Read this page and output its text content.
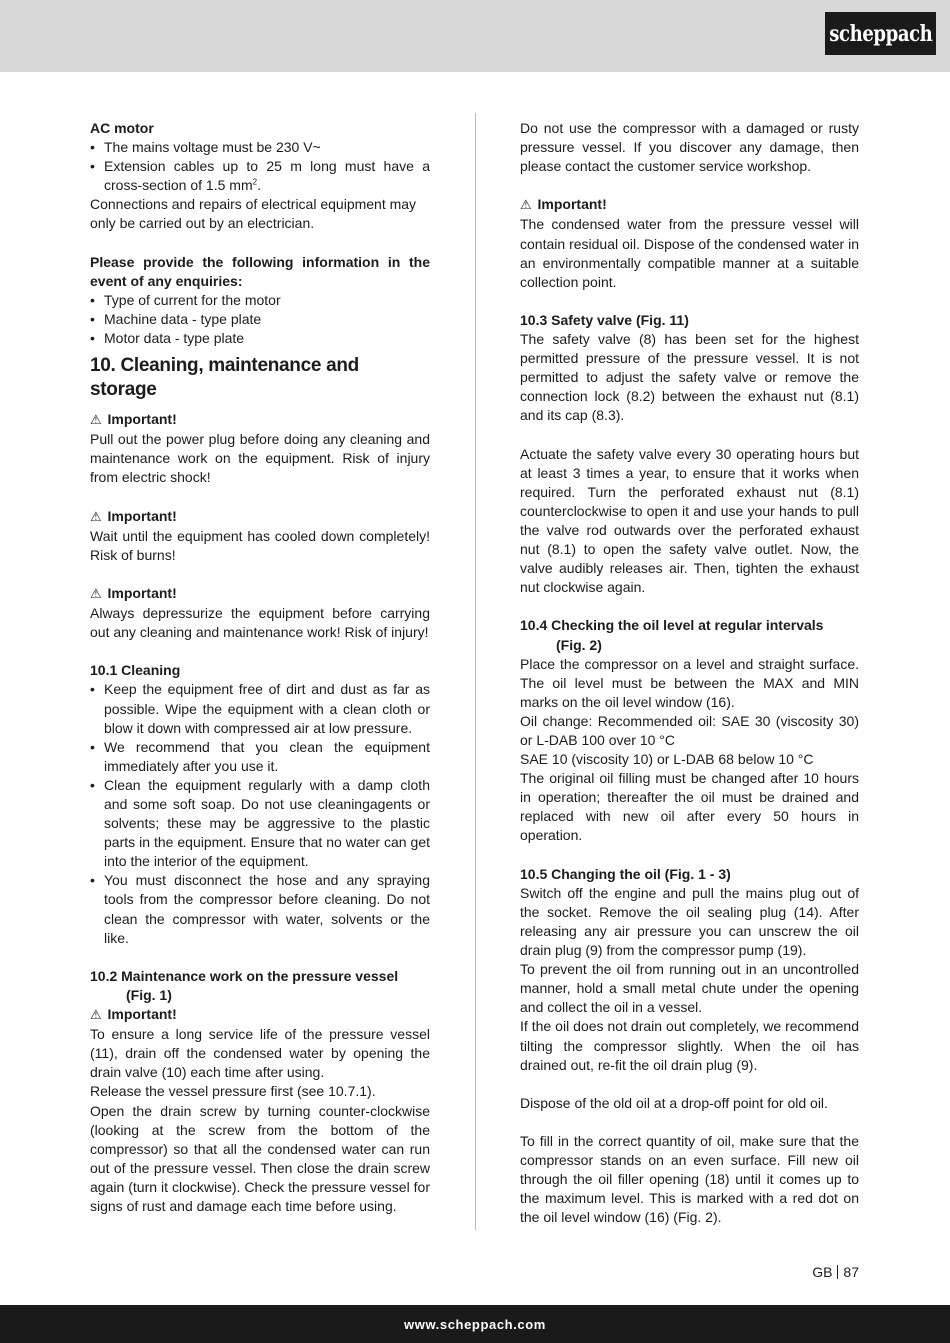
scheppach
AC motor
• The mains voltage must be 230 V~
• Extension cables up to 25 m long must have a cross-section of 1.5 $mm^2$.
Connections and repairs of electrical equipment may only be carried out by an electrician.
Please provide the following information in the event of any enquiries:
• Type of current for the motor
• Machine data - type plate
• Motor data - type plate
10. Cleaning, maintenance and storage
⚠ Important!
Pull out the power plug before doing any cleaning and maintenance work on the equipment. Risk of injury from electric shock!
⚠ Important!
Wait until the equipment has cooled down completely! Risk of burns!
⚠ Important!
Always depressurize the equipment before carrying out any cleaning and maintenance work! Risk of injury!
10.1 Cleaning
• Keep the equipment free of dirt and dust as far as possible. Wipe the equipment with a clean cloth or blow it down with compressed air at low pressure.
• We recommend that you clean the equipment immediately after you use it.
• Clean the equipment regularly with a damp cloth and some soft soap. Do not use cleaningagents or solvents; these may be aggressive to the plastic parts in the equipment. Ensure that no water can get into the interior of the equipment.
• You must disconnect the hose and any spraying tools from the compressor before cleaning. Do not clean the compressor with water, solvents or the like.
10.2 Maintenance work on the pressure vessel
(Fig. 1)
⚠ Important!
To ensure a long service life of the pressure vessel (11), drain off the condensed water by opening the drain valve (10) each time after using.
Release the vessel pressure first (see 10.7.1).
Open the drain screw by turning counter-clockwise (looking at the screw from the bottom of the compressor) so that all the condensed water can run out of the pressure vessel. Then close the drain screw again (turn it clockwise). Check the pressure vessel for signs of rust and damage each time before using.
Do not use the compressor with a damaged or rusty pressure vessel. If you discover any damage, then please contact the customer service workshop.
⚠ Important!
The condensed water from the pressure vessel will contain residual oil. Dispose of the condensed water in an environmentally compatible manner at a suitable collection point.
10.3 Safety valve (Fig. 11)
The safety valve (8) has been set for the highest permitted pressure of the pressure vessel. It is not permitted to adjust the safety valve or remove the connection lock (8.2) between the exhaust nut (8.1) and its cap (8.3).
Actuate the safety valve every 30 operating hours but at least 3 times a year, to ensure that it works when required. Turn the perforated exhaust nut (8.1) counterclockwise to open it and use your hands to pull the valve rod outwards over the perforated exhaust nut (8.1) to open the safety valve outlet. Now, the valve audibly releases air. Then, tighten the exhaust nut clockwise again.
10.4 Checking the oil level at regular intervals
(Fig. 2)
Place the compressor on a level and straight surface. The oil level must be between the MAX and MIN marks on the oil level window (16).
Oil change: Recommended oil: SAE 30 (viscosity 30) or L-DAB 100 over 10 °C
SAE 10 (viscosity 10) or L-DAB 68 below 10 °C
The original oil filling must be changed after 10 hours in operation; thereafter the oil must be drained and replaced with new oil after every 50 hours in operation.
10.5 Changing the oil (Fig. 1 - 3)
Switch off the engine and pull the mains plug out of the socket. Remove the oil sealing plug (14). After releasing any air pressure you can unscrew the oil drain plug (9) from the compressor pump (19).
To prevent the oil from running out in an uncontrolled manner, hold a small metal chute under the opening and collect the oil in a vessel.
If the oil does not drain out completely, we recommend tilting the compressor slightly. When the oil has drained out, re-fit the oil drain plug (9).
Dispose of the old oil at a drop-off point for old oil.
To fill in the correct quantity of oil, make sure that the compressor stands on an even surface. Fill new oil through the oil filler opening (18) until it comes up to the maximum level. This is marked with a red dot on the oil level window (16) (Fig. 2).
GB 87
www.scheppach.com
